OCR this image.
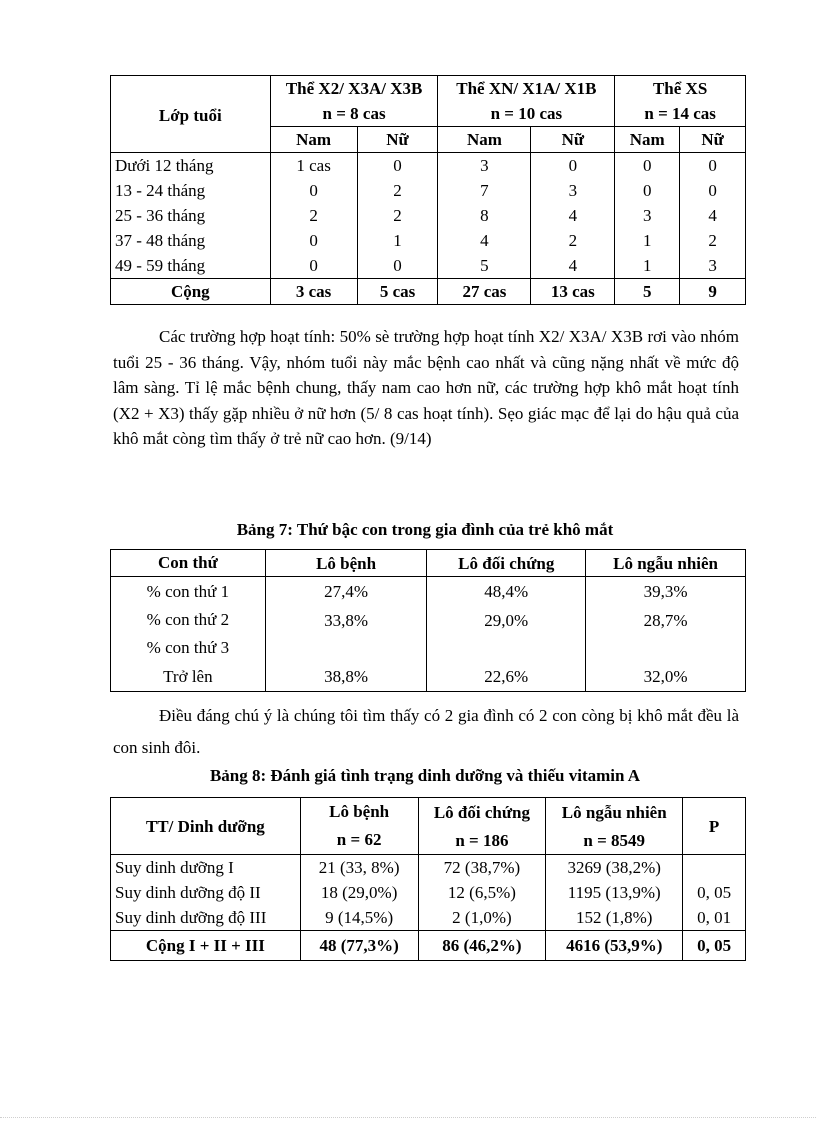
Lớp tuổi	Thể X2/ X3A/ X3B		Thể XN/ X1A/ X1B		Thể XS	
	n = 8 cas		n = 10 cas		n = 14 cas	
	Nam	Nữ	Nam	Nữ	Nam	Nữ
Dưới 12 tháng	1 cas	0	3	0	0	0
13 - 24 tháng	0	2	7	3	0	0
25 - 36 tháng	2	2	8	4	3	4
37 - 48 tháng	0	1	4	2	1	2
49 - 59 tháng	0	0	5	4	1	3
Cộng	3 cas	5 cas	27 cas	13 cas	5	9

Các trường hợp hoạt tính: 50% sè trường hợp hoạt tính X2/ X3A/ X3B rơi vào nhóm tuổi 25 - 36 tháng. Vậy, nhóm tuổi này mắc bệnh cao nhất và cũng nặng nhất về mức độ lâm sàng. Tỉ lệ mắc bệnh chung, thấy nam cao hơn nữ, các trường hợp khô mắt hoạt tính (X2 + X3) thấy gặp nhiều ở nữ hơn (5/ 8 cas hoạt tính). Sẹo giác mạc để lại do hậu quả của khô mắt còng tìm thấy ở trẻ nữ cao hơn. (9/14)

Bảng 7: Thứ bậc con trong gia đình của trẻ khô mắt

Con thứ	Lô bệnh	Lô đối chứng	Lô ngẫu nhiên
% con thứ 1	27,4%	48,4%	39,3%
% con thứ 2	33,8%	29,0%	28,7%
% con thứ 3			
Trở lên	38,8%	22,6%	32,0%

Điều đáng chú ý là chúng tôi tìm thấy có 2 gia đình có 2 con còng bị khô mắt đều là con sinh đôi.

Bảng 8: Đánh giá tình trạng dinh dưỡng và thiếu vitamin A

TT/ Dinh dưỡng	Lô bệnh	Lô đối chứng	Lô ngẫu nhiên	P
	n = 62	n = 186	n = 8549	
Suy dinh dưỡng I	21 (33, 8%)	72 (38,7%)	3269 (38,2%)	
Suy dinh dưỡng độ II	18 (29,0%)	12 (6,5%)	1195 (13,9%)	0, 05
Suy dinh dưỡng độ III	9 (14,5%)	2 (1,0%)	152 (1,8%)	0, 01
Cộng I + II + III	48 (77,3%)	86 (46,2%)	4616 (53,9%)	0, 05
